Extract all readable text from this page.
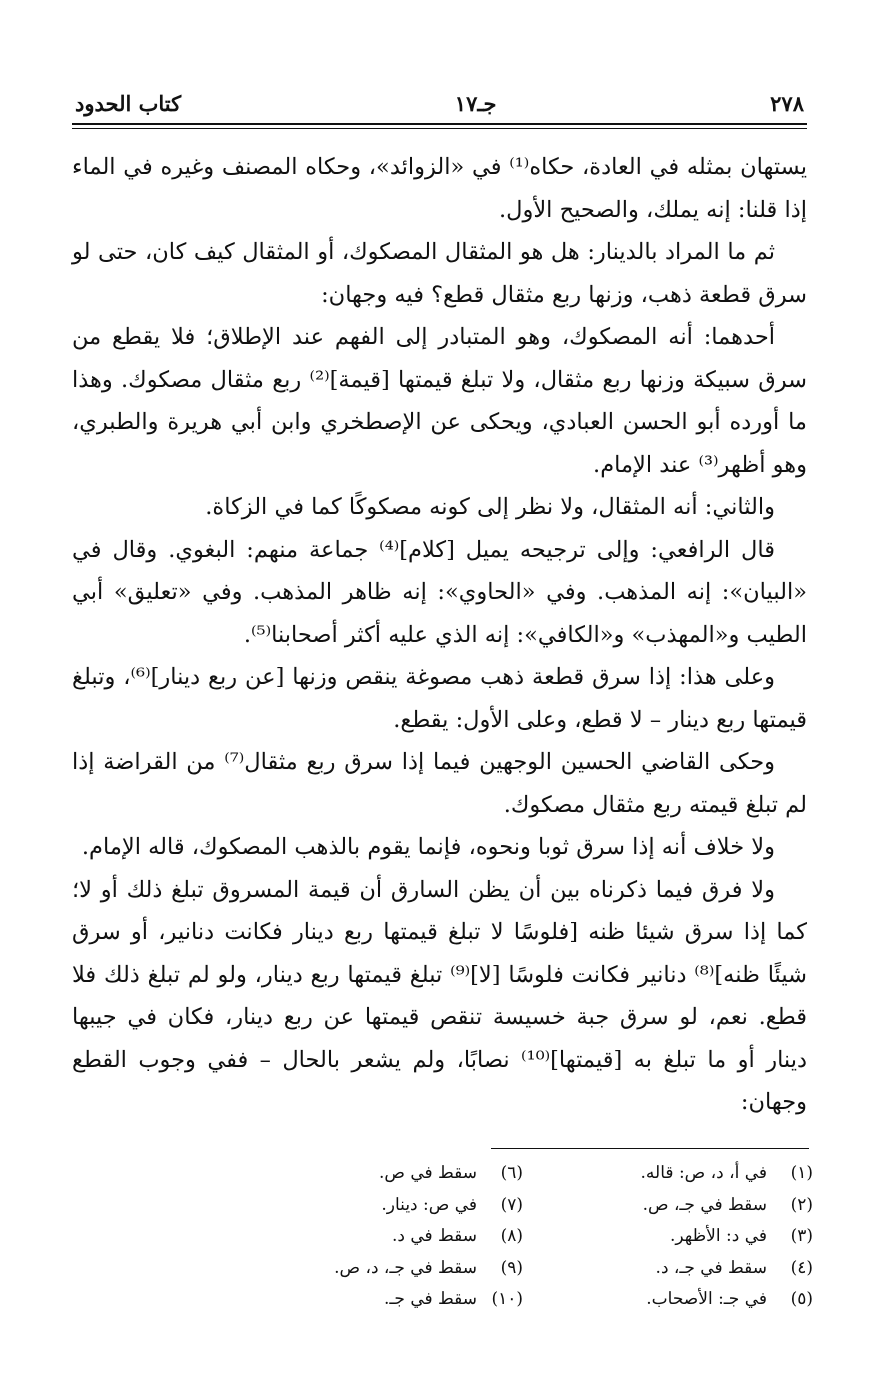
٢٧٨
جـ١٧
كتاب الحدود

يستهان بمثله في العادة، حكاه⁽¹⁾ في «الزوائد»، وحكاه المصنف وغيره في الماء إذا قلنا: إنه يملك، والصحيح الأول.

ثم ما المراد بالدينار: هل هو المثقال المصكوك، أو المثقال كيف كان، حتى لو سرق قطعة ذهب، وزنها ربع مثقال قطع؟ فيه وجهان:

أحدهما: أنه المصكوك، وهو المتبادر إلى الفهم عند الإطلاق؛ فلا يقطع من سرق سبيكة وزنها ربع مثقال، ولا تبلغ قيمتها [قيمة]⁽²⁾ ربع مثقال مصكوك. وهذا ما أورده أبو الحسن العبادي، ويحكى عن الإصطخري وابن أبي هريرة والطبري، وهو أظهر⁽³⁾ عند الإمام.

والثاني: أنه المثقال، ولا نظر إلى كونه مصكوكًا كما في الزكاة.

قال الرافعي: وإلى ترجيحه يميل [كلام]⁽⁴⁾ جماعة منهم: البغوي. وقال في «البيان»: إنه المذهب. وفي «الحاوي»: إنه ظاهر المذهب. وفي «تعليق» أبي الطيب و«المهذب» و«الكافي»: إنه الذي عليه أكثر أصحابنا⁽⁵⁾.

وعلى هذا: إذا سرق قطعة ذهب مصوغة ينقص وزنها [عن ربع دينار]⁽⁶⁾، وتبلغ قيمتها ربع دينار – لا قطع، وعلى الأول: يقطع.

وحكى القاضي الحسين الوجهين فيما إذا سرق ربع مثقال⁽⁷⁾ من القراضة إذا لم تبلغ قيمته ربع مثقال مصكوك.

ولا خلاف أنه إذا سرق ثوبا ونحوه، فإنما يقوم بالذهب المصكوك، قاله الإمام.

ولا فرق فيما ذكرناه بين أن يظن السارق أن قيمة المسروق تبلغ ذلك أو لا؛ كما إذا سرق شيئا ظنه [فلوسًا لا تبلغ قيمتها ربع دينار فكانت دنانير، أو سرق شيئًا ظنه]⁽⁸⁾ دنانير فكانت فلوسًا [لا]⁽⁹⁾ تبلغ قيمتها ربع دينار، ولو لم تبلغ ذلك فلا قطع. نعم، لو سرق جبة خسيسة تنقص قيمتها عن ربع دينار، فكان في جيبها دينار أو ما تبلغ به [قيمتها]⁽¹⁰⁾ نصابًا، ولم يشعر بالحال – ففي وجوب القطع وجهان:

(١)
في أ، د، ص: قاله.
(٢)
سقط في جـ، ص.
(٣)
في د: الأظهر.
(٤)
سقط في جـ، د.
(٥)
في جـ: الأصحاب.
(٦)
سقط في ص.
(٧)
في ص: دينار.
(٨)
سقط في د.
(٩)
سقط في جـ، د، ص.
(١٠)
سقط في جـ.
